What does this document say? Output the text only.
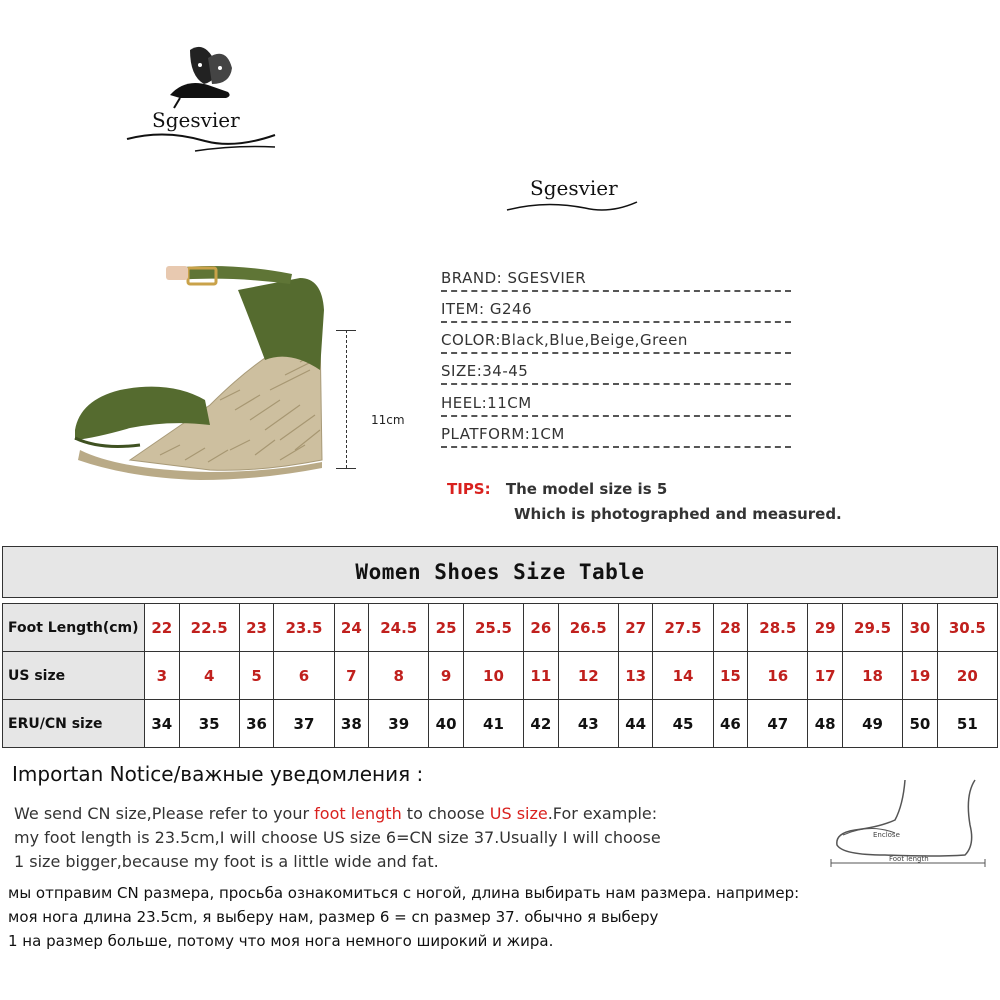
Sgesvier
Sgesvier
11cm
BRAND: SGESVIER
ITEM: G246
COLOR:Black,Blue,Beige,Green
SIZE:34-45
HEEL:11CM
PLATFORM:1CM
TIPS: The model size is 5
Which is photographed and measured.
Women Shoes Size Table																		

Foot Length(cm)	22	22.5	23	23.5	24	24.5	25	25.5	26	26.5	27	27.5	28	28.5	29	29.5	30	30.5
US size	3	4	5	6	7	8	9	10	11	12	13	14	15	16	17	18	19	20
ERU/CN size	34	35	36	37	38	39	40	41	42	43	44	45	46	47	48	49	50	51
Importan Notice/важные уведомления :
We send CN size,Please refer to your foot length to choose US size.For example:
my foot length is 23.5cm,I will choose US size 6=CN size 37.Usually I will choose
1 size bigger,because my foot is a little wide and fat.
мы отправим CN размера, просьба ознакомиться с ногой, длина выбирать нам размера. например:
моя нога длина 23.5cm, я выберу нам, размер 6 = cn размер 37. обычно я выберу
1 на размер больше, потому что моя нога немного широкий и жира.
Enclose
Foot length
